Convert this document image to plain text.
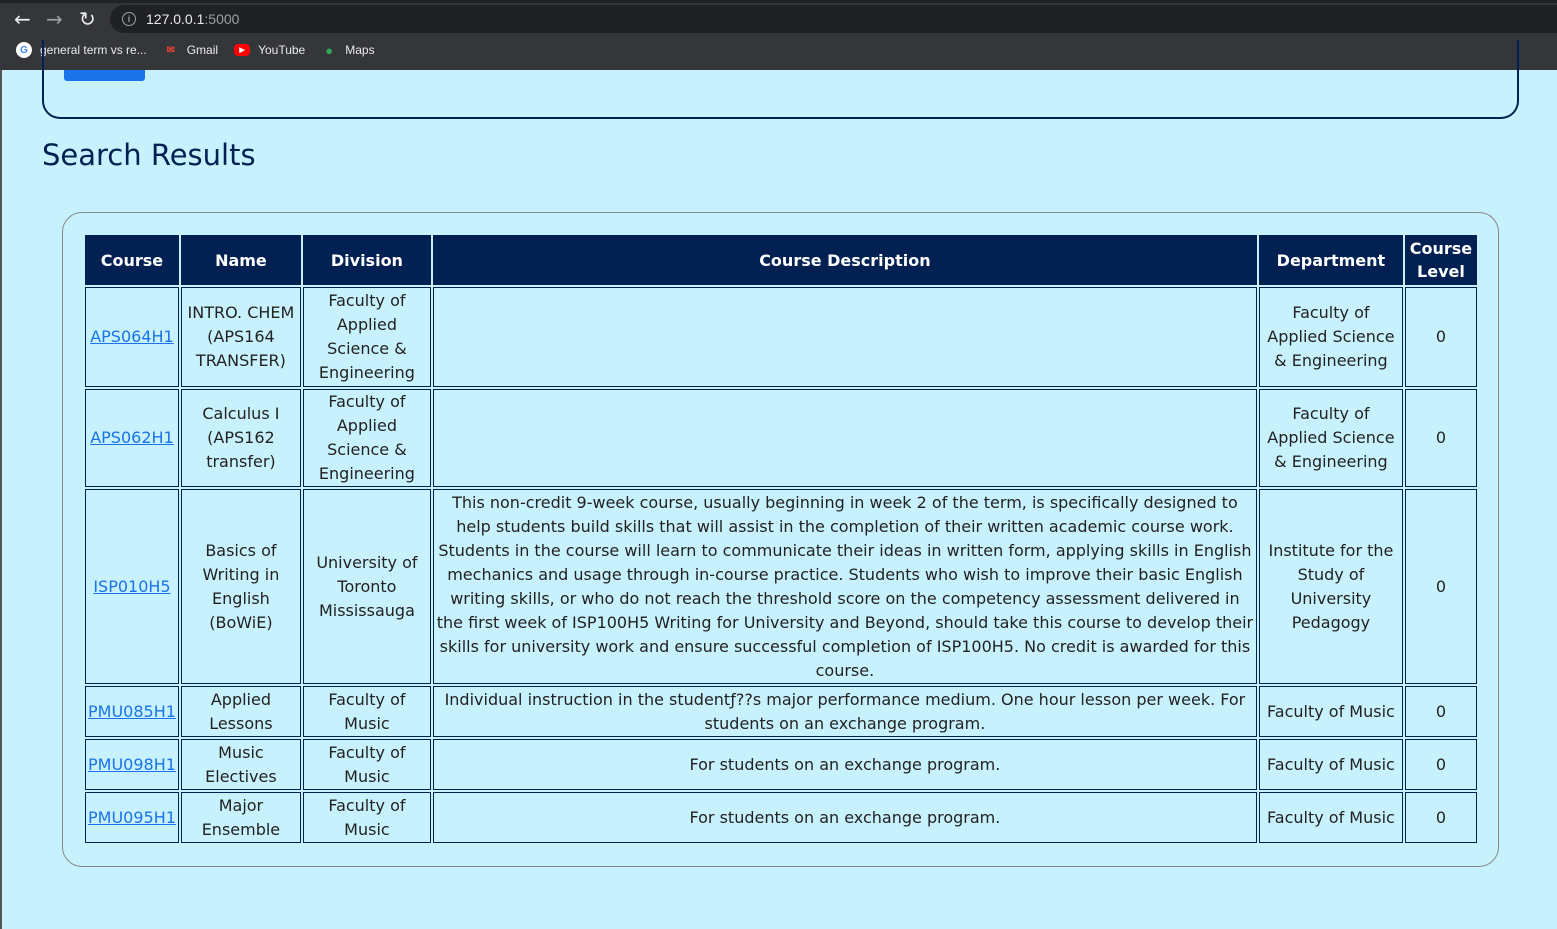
← → ↻	i	127.0.0.1 :5000
G	general term vs re...	✉ Gmail	▶	YouTube	●	Maps
Search Results
Course	Name	Division	Course Description	Department	Course Level
APS064H1	INTRO. CHEM (APS164 TRANSFER)	Faculty of Applied Science & Engineering		Faculty of Applied Science & Engineering	0
APS062H1	Calculus I (APS162 transfer)	Faculty of Applied Science & Engineering		Faculty of Applied Science & Engineering	0
ISP010H5	Basics of Writing in English (BoWiE)	University of Toronto Mississauga	This non-credit 9-week course, usually beginning in week 2 of the term, is specifically designed to help students build skills that will assist in the completion of their written academic course work. Students in the course will learn to communicate their ideas in written form, applying skills in English mechanics and usage through in-course practice. Students who wish to improve their basic English writing skills, or who do not reach the threshold score on the competency assessment delivered in the first week of ISP100H5 Writing for University and Beyond, should take this course to develop their skills for university work and ensure successful completion of ISP100H5. No credit is awarded for this course.	Institute for the Study of University Pedagogy	0
PMU085H1	Applied Lessons	Faculty of Music	Individual instruction in the studentƒ??s major performance medium. One hour lesson per week. For students on an exchange program.	Faculty of Music	0
PMU098H1	Music Electives	Faculty of Music	For students on an exchange program.	Faculty of Music	0
PMU095H1	Major Ensemble	Faculty of Music	For students on an exchange program.	Faculty of Music	0
